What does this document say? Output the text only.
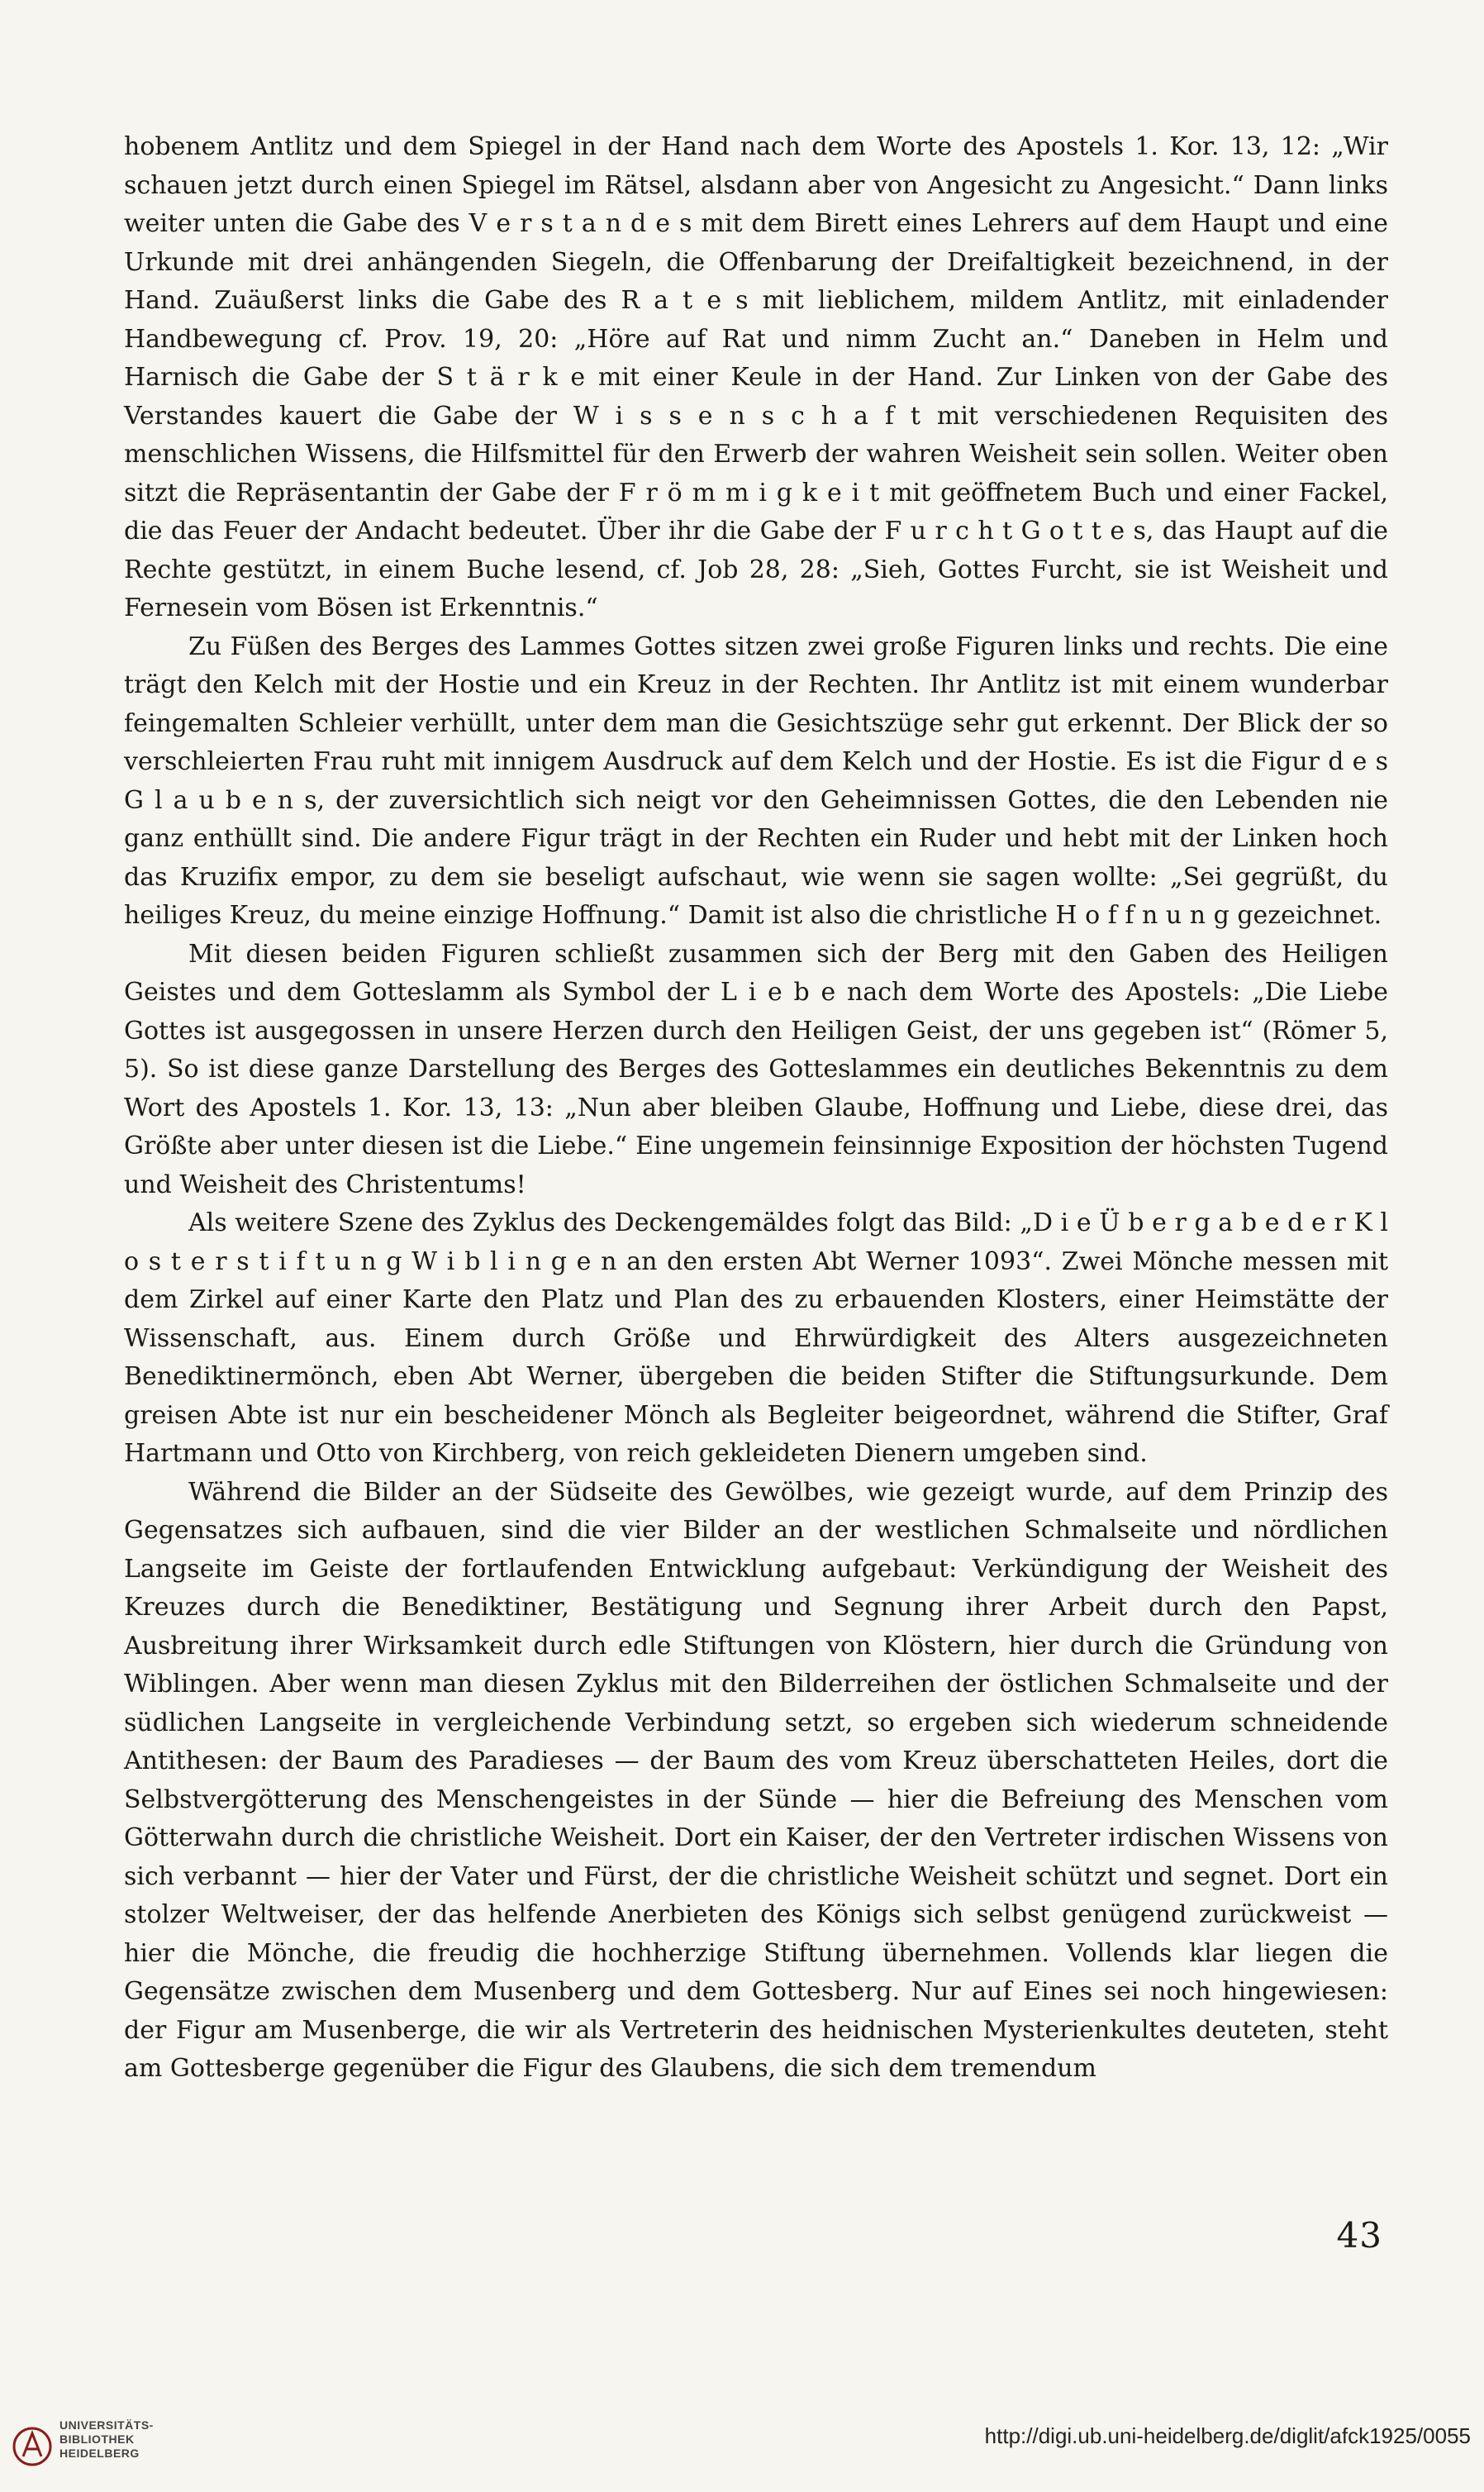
hobenem Antlitz und dem Spiegel in der Hand nach dem Worte des Apostels 1. Kor. 13, 12: „Wir schauen jetzt durch einen Spiegel im Rätsel, alsdann aber von Angesicht zu Angesicht.“ Dann links weiter unten die Gabe des V e r s t a n d e s mit dem Birett eines Lehrers auf dem Haupt und eine Urkunde mit drei anhängenden Siegeln, die Offenbarung der Dreifaltigkeit bezeichnend, in der Hand. Zuäußerst links die Gabe des R a t e s mit lieblichem, mildem Antlitz, mit einladender Handbewegung cf. Prov. 19, 20: „Höre auf Rat und nimm Zucht an.“ Daneben in Helm und Harnisch die Gabe der S t ä r k e mit einer Keule in der Hand. Zur Linken von der Gabe des Verstandes kauert die Gabe der W i s s e n s c h a f t mit verschiedenen Requisiten des menschlichen Wissens, die Hilfsmittel für den Erwerb der wahren Weisheit sein sollen. Weiter oben sitzt die Repräsentantin der Gabe der F r ö m m i g k e i t mit geöffnetem Buch und einer Fackel, die das Feuer der Andacht bedeutet. Über ihr die Gabe der F u r c h t G o t t e s, das Haupt auf die Rechte gestützt, in einem Buche lesend, cf. Job 28, 28: „Sieh, Gottes Furcht, sie ist Weisheit und Fernesein vom Bösen ist Erkenntnis.“

Zu Füßen des Berges des Lammes Gottes sitzen zwei große Figuren links und rechts. Die eine trägt den Kelch mit der Hostie und ein Kreuz in der Rechten. Ihr Antlitz ist mit einem wunderbar feingemalten Schleier verhüllt, unter dem man die Gesichtszüge sehr gut erkennt. Der Blick der so verschleierten Frau ruht mit innigem Ausdruck auf dem Kelch und der Hostie. Es ist die Figur d e s G l a u b e n s, der zuversichtlich sich neigt vor den Geheimnissen Gottes, die den Lebenden nie ganz enthüllt sind. Die andere Figur trägt in der Rechten ein Ruder und hebt mit der Linken hoch das Kruzifix empor, zu dem sie beseligt aufschaut, wie wenn sie sagen wollte: „Sei gegrüßt, du heiliges Kreuz, du meine einzige Hoffnung.“ Damit ist also die christliche H o f f n u n g gezeichnet.

Mit diesen beiden Figuren schließt zusammen sich der Berg mit den Gaben des Heiligen Geistes und dem Gotteslamm als Symbol der L i e b e nach dem Worte des Apostels: „Die Liebe Gottes ist ausgegossen in unsere Herzen durch den Heiligen Geist, der uns gegeben ist“ (Römer 5, 5). So ist diese ganze Darstellung des Berges des Gotteslammes ein deutliches Bekenntnis zu dem Wort des Apostels 1. Kor. 13, 13: „Nun aber bleiben Glaube, Hoffnung und Liebe, diese drei, das Größte aber unter diesen ist die Liebe.“ Eine ungemein feinsinnige Exposition der höchsten Tugend und Weisheit des Christentums!

Als weitere Szene des Zyklus des Deckengemäldes folgt das Bild: „D i e Ü b e r g a b e d e r K l o s t e r s t i f t u n g W i b l i n g e n an den ersten Abt Werner 1093“. Zwei Mönche messen mit dem Zirkel auf einer Karte den Platz und Plan des zu erbauenden Klosters, einer Heimstätte der Wissenschaft, aus. Einem durch Größe und Ehrwürdigkeit des Alters ausgezeichneten Benediktinermönch, eben Abt Werner, übergeben die beiden Stifter die Stiftungsurkunde. Dem greisen Abte ist nur ein bescheidener Mönch als Begleiter beigeordnet, während die Stifter, Graf Hartmann und Otto von Kirchberg, von reich gekleideten Dienern umgeben sind.

Während die Bilder an der Südseite des Gewölbes, wie gezeigt wurde, auf dem Prinzip des Gegensatzes sich aufbauen, sind die vier Bilder an der westlichen Schmalseite und nördlichen Langseite im Geiste der fortlaufenden Entwicklung aufgebaut: Verkündigung der Weisheit des Kreuzes durch die Benediktiner, Bestätigung und Segnung ihrer Arbeit durch den Papst, Ausbreitung ihrer Wirksamkeit durch edle Stiftungen von Klöstern, hier durch die Gründung von Wiblingen. Aber wenn man diesen Zyklus mit den Bilderreihen der östlichen Schmalseite und der südlichen Langseite in vergleichende Verbindung setzt, so ergeben sich wiederum schneidende Antithesen: der Baum des Paradieses — der Baum des vom Kreuz überschatteten Heiles, dort die Selbstvergötterung des Menschengeistes in der Sünde — hier die Befreiung des Menschen vom Götterwahn durch die christliche Weisheit. Dort ein Kaiser, der den Vertreter irdischen Wissens von sich verbannt — hier der Vater und Fürst, der die christliche Weisheit schützt und segnet. Dort ein stolzer Weltweiser, der das helfende Anerbieten des Königs sich selbst genügend zurückweist — hier die Mönche, die freudig die hochherzige Stiftung übernehmen. Vollends klar liegen die Gegensätze zwischen dem Musenberg und dem Gottesberg. Nur auf Eines sei noch hingewiesen: der Figur am Musenberge, die wir als Vertreterin des heidnischen Mysterienkultes deuteten, steht am Gottesberge gegenüber die Figur des Glaubens, die sich dem tremendum

43
UNIVERSITÄTS-
BIBLIOTHEK
HEIDELBERG
http://digi.ub.uni-heidelberg.de/diglit/afck1925/0055
